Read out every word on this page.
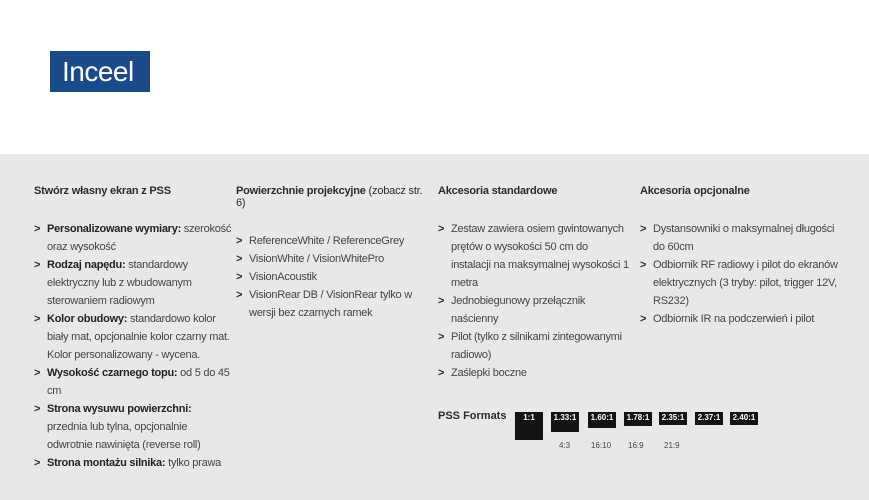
Inceel
Stwórz własny ekran z PSS
> Personalizowane wymiary: szerokość oraz wysokość
> Rodzaj napędu: standardowy elektryczny lub z wbudowanym sterowaniem radiowym
> Kolor obudowy: standardowo kolor biały mat, opcjonalnie kolor czarny mat. Kolor personalizowany - wycena.
> Wysokość czarnego topu: od 5 do 45 cm
> Strona wysuwu powierzchni: przednia lub tylna, opcjonalnie odwrotnie nawinięta (reverse roll)
> Strona montażu silnika: tylko prawa
Powierzchnie projekcyjne (zobacz str. 6)
> ReferenceWhite / ReferenceGrey
> VisionWhite / VisionWhitePro
> VisionAcoustik
> VisionRear DB / VisionRear tylko w wersji bez czarnych ramek
Akcesoria standardowe
> Zestaw zawiera osiem gwintowanych prętów o wysokości 50 cm do instalacji na maksymalnej wysokości 1 metra
> Jednobiegunowy przełącznik naścienny
> Pilot (tylko z silnikami zintegowanymi radiowo)
> Zaślepki boczne
Akcesoria opcjonalne
> Dystansowniki o maksymalnej długości do 60cm
> Odbiornik RF radiowy i pilot do ekranów elektrycznych (3 tryby: pilot, trigger 12V, RS232)
> Odbiornik IR na podczerwień i pilot
PSS Formats	1:1	1.33:1	1.60:1	1.78:1	2.35:1	2.37:1	2.40:1
4:3	16:10 16:9	21:9
